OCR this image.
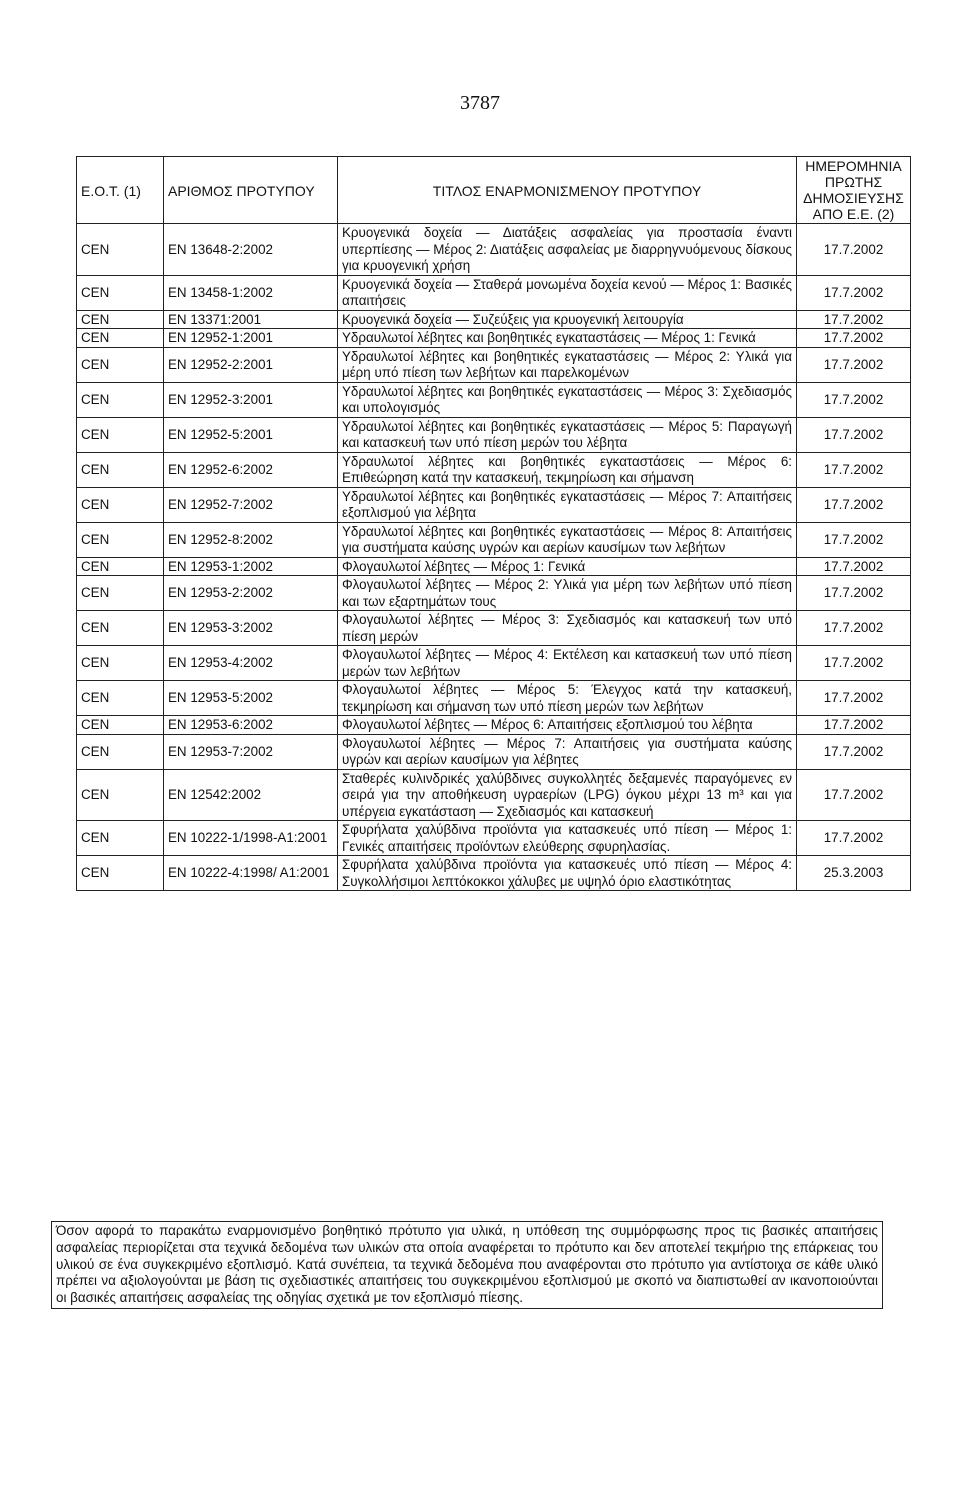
3787
Ε.Ο.Τ. (1)	ΑΡΙΘΜΟΣ ΠΡΟΤΥΠΟΥ	ΤΙΤΛΟΣ ΕΝΑΡΜΟΝΙΣΜΕΝΟΥ ΠΡΟΤΥΠΟΥ	ΗΜΕΡΟΜΗΝΙΑ ΠΡΩΤΗΣ ΔΗΜΟΣΙΕΥΣΗΣ ΑΠΟ Ε.Ε. (2)
CEN	EN 13648-2:2002	Κρυογενικά δοχεία — Διατάξεις ασφαλείας για προστασία έναντι υπερπίεσης — Μέρος 2: Διατάξεις ασφαλείας με διαρρηγνυόμενους δίσκους για κρυογενική χρήση	17.7.2002
CEN	EN 13458-1:2002	Κρυογενικά δοχεία — Σταθερά μονωμένα δοχεία κενού — Μέρος 1: Βασικές απαιτήσεις	17.7.2002
CEN	EN 13371:2001	Κρυογενικά δοχεία — Συζεύξεις για κρυογενική λειτουργία	17.7.2002
CEN	EN 12952-1:2001	Υδραυλωτοί λέβητες και βοηθητικές εγκαταστάσεις — Μέρος 1: Γενικά	17.7.2002
CEN	EN 12952-2:2001	Υδραυλωτοί λέβητες και βοηθητικές εγκαταστάσεις — Μέρος 2: Υλικά για μέρη υπό πίεση των λεβήτων και παρελκομένων	17.7.2002
CEN	EN 12952-3:2001	Υδραυλωτοί λέβητες και βοηθητικές εγκαταστάσεις — Μέρος 3: Σχεδιασμός και υπολογισμός	17.7.2002
CEN	EN 12952-5:2001	Υδραυλωτοί λέβητες και βοηθητικές εγκαταστάσεις — Μέρος 5: Παραγωγή και κατασκευή των υπό πίεση μερών του λέβητα	17.7.2002
CEN	EN 12952-6:2002	Υδραυλωτοί λέβητες και βοηθητικές εγκαταστάσεις — Μέρος 6: Επιθεώρηση κατά την κατασκευή, τεκμηρίωση και σήμανση	17.7.2002
CEN	EN 12952-7:2002	Υδραυλωτοί λέβητες και βοηθητικές εγκαταστάσεις — Μέρος 7: Απαιτήσεις εξοπλισμού για λέβητα	17.7.2002
CEN	EN 12952-8:2002	Υδραυλωτοί λέβητες και βοηθητικές εγκαταστάσεις — Μέρος 8: Απαιτήσεις για συστήματα καύσης υγρών και αερίων καυσίμων των λεβήτων	17.7.2002
CEN	EN 12953-1:2002	Φλογαυλωτοί λέβητες — Μέρος 1: Γενικά	17.7.2002
CEN	EN 12953-2:2002	Φλογαυλωτοί λέβητες — Μέρος 2: Υλικά για μέρη των λεβήτων υπό πίεση και των εξαρτημάτων τους	17.7.2002
CEN	EN 12953-3:2002	Φλογαυλωτοί λέβητες — Μέρος 3: Σχεδιασμός και κατασκευή των υπό πίεση μερών	17.7.2002
CEN	EN 12953-4:2002	Φλογαυλωτοί λέβητες — Μέρος 4: Εκτέλεση και κατασκευή των υπό πίεση μερών των λεβήτων	17.7.2002
CEN	EN 12953-5:2002	Φλογαυλωτοί λέβητες — Μέρος 5: Έλεγχος κατά την κατασκευή, τεκμηρίωση και σήμανση των υπό πίεση μερών των λεβήτων	17.7.2002
CEN	EN 12953-6:2002	Φλογαυλωτοί λέβητες — Μέρος 6: Απαιτήσεις εξοπλισμού του λέβητα	17.7.2002
CEN	EN 12953-7:2002	Φλογαυλωτοί λέβητες — Μέρος 7: Απαιτήσεις για συστήματα καύσης υγρών και αερίων καυσίμων για λέβητες	17.7.2002
CEN	EN 12542:2002	Σταθερές κυλινδρικές χαλύβδινες συγκολλητές δεξαμενές παραγόμενες εν σειρά για την αποθήκευση υγραερίων (LPG) όγκου μέχρι 13 m³ και για υπέργεια εγκατάσταση — Σχεδιασμός και κατασκευή	17.7.2002
CEN	EN 10222-1/1998-A1:2001	Σφυρήλατα χαλύβδινα προϊόντα για κατασκευές υπό πίεση — Μέρος 1: Γενικές απαιτήσεις προϊόντων ελεύθερης σφυρηλασίας.	17.7.2002
CEN	EN 10222-4:1998/ A1:2001	Σφυρήλατα χαλύβδινα προϊόντα για κατασκευές υπό πίεση — Μέρος 4: Συγκολλήσιμοι λεπτόκοκκοι χάλυβες με υψηλό όριο ελαστικότητας	25.3.2003
Όσον αφορά το παρακάτω εναρμονισμένο βοηθητικό πρότυπο για υλικά, η υπόθεση της συμμόρφωσης προς τις βασικές απαιτήσεις ασφαλείας περιορίζεται στα τεχνικά δεδομένα των υλικών στα οποία αναφέρεται το πρότυπο και δεν αποτελεί τεκμήριο της επάρκειας του υλικού σε ένα συγκεκριμένο εξοπλισμό. Κατά συνέπεια, τα τεχνικά δεδομένα που αναφέρονται στο πρότυπο για αντίστοιχα σε κάθε υλικό πρέπει να αξιολογούνται με βάση τις σχεδιαστικές απαιτήσεις του συγκεκριμένου εξοπλισμού με σκοπό να διαπιστωθεί αν ικανοποιούνται οι βασικές απαιτήσεις ασφαλείας της οδηγίας σχετικά με τον εξοπλισμό πίεσης.
